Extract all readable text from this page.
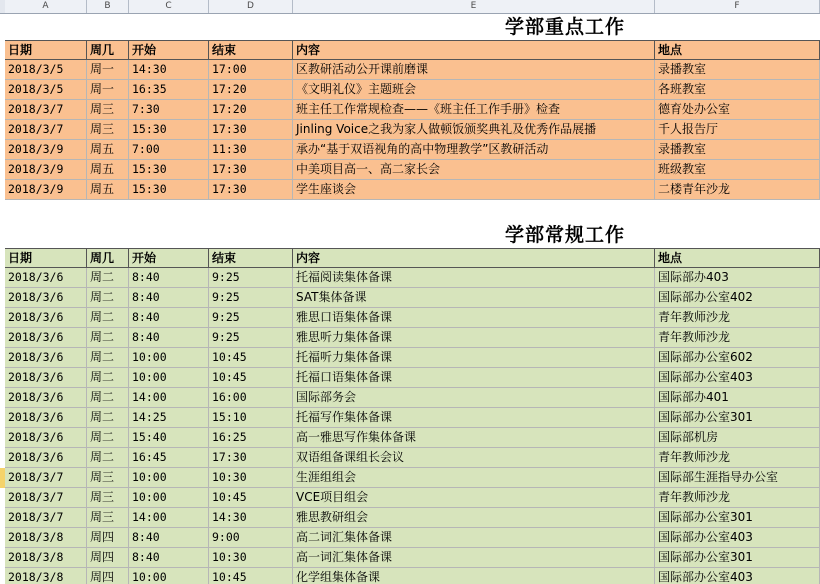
A	B	C	D	E	F
学部重点工作
日期	周几	开始	结束	内容	地点
2018/3/5	周一	14:30	17:00	区教研活动公开课前磨课	录播教室
2018/3/5	周一	16:35	17:20	《文明礼仪》主题班会	各班教室
2018/3/7	周三	7:30	17:20	班主任工作常规检查——《班主任工作手册》检查	德育处办公室
2018/3/7	周三	15:30	17:30	Jinling Voice之我为家人做顿饭颁奖典礼及优秀作品展播	千人报告厅
2018/3/9	周五	7:00	11:30	承办“基于双语视角的高中物理教学”区教研活动	录播教室
2018/3/9	周五	15:30	17:30	中美项目高一、高二家长会	班级教室
2018/3/9	周五	15:30	17:30	学生座谈会	二楼青年沙龙
学部常规工作
日期	周几	开始	结束	内容	地点
2018/3/6	周二	8:40	9:25	托福阅读集体备课	国际部办403
2018/3/6	周二	8:40	9:25	SAT集体备课	国际部办公室402
2018/3/6	周二	8:40	9:25	雅思口语集体备课	青年教师沙龙
2018/3/6	周二	8:40	9:25	雅思听力集体备课	青年教师沙龙
2018/3/6	周二	10:00	10:45	托福听力集体备课	国际部办公室602
2018/3/6	周二	10:00	10:45	托福口语集体备课	国际部办公室403
2018/3/6	周二	14:00	16:00	国际部务会	国际部办401
2018/3/6	周二	14:25	15:10	托福写作集体备课	国际部办公室301
2018/3/6	周二	15:40	16:25	高一雅思写作集体备课	国际部机房
2018/3/6	周二	16:45	17:30	双语组备课组长会议	青年教师沙龙
2018/3/7	周三	10:00	10:30	生涯组组会	国际部生涯指导办公室
2018/3/7	周三	10:00	10:45	VCE项目组会	青年教师沙龙
2018/3/7	周三	14:00	14:30	雅思教研组会	国际部办公室301
2018/3/8	周四	8:40	9:00	高二词汇集体备课	国际部办公室403
2018/3/8	周四	8:40	10:30	高一词汇集体备课	国际部办公室301
2018/3/8	周四	10:00	10:45	化学组集体备课	国际部办公室403
